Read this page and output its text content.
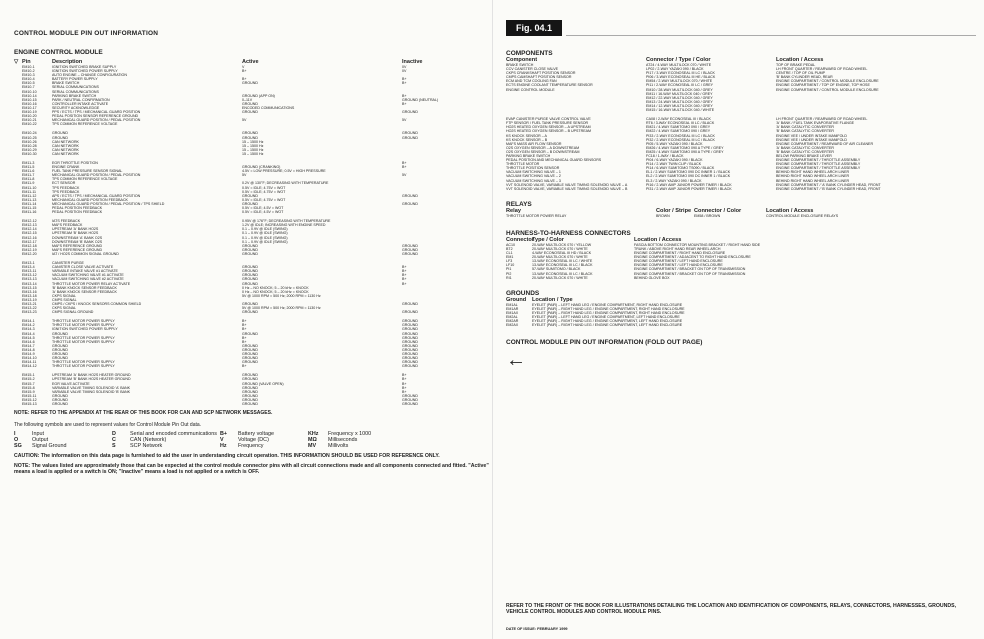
CONTROL MODULE PIN OUT INFORMATION
ENGINE CONTROL MODULE
▽ Pin	Description	Active	Inactive
EM10-1	IGNITION SWITCHED BRAKE SUPPLY	V	0V
EM10-2	IGNITION SWITCHED POWER SUPPLY	B+	0V
EM10-3	AUTO ENGINE – CHANGE CONFIGURATION
EM10-4	BATTERY POWER SUPPLY	B+	B+
EM10-5	BRAKE SWITCH	GROUND	B+
EM10-7	SERIAL COMMUNICATIONS
EM10-10	SERIAL COMMUNICATIONS
EM10-14	PARKING BRAKE SWITCH	GROUND (APP ON)	B+
EM10-15	PARK / NEUTRAL CONFIRMATION	0–11V	GROUND (NEUTRAL)
EM10-16	CONTROLLER INTAKE ACTIVATE	GROUND	B+
EM10-17	SECURITY ACKNOWLEDGE	ENCODED COMMUNICATIONS
EM10-19	PPS / ECTS / TPS / MECHANICAL GUARD POSITION	GROUND	GROUND
EM10-20	PEDAL POSITION SENSOR REFERENCE GROUND
EM10-21	MECHANICAL GUARD POSITION / PEDAL POSITION	5V	5V
EM10-22	TPS COMMON REFERENCE VOLTAGE
EM10-24	GROUND	GROUND	GROUND
EM10-25	GROUND	GROUND	GROUND
EM10-26	CAN NETWORK	15 – 1500 Hz
EM10-28	CAN NETWORK	15 – 1500 Hz
EM10-29	CAN NETWORK	15 – 1500 Hz
EM10-30	CAN NETWORK	15 – 1500 Hz
EM11-3	EGR THROTTLE POSITION	B+
EM11-5	ENGINE CRANK	GROUND (CRANKING)	B+
EM11-6	FUEL TANK PRESSURE SENSOR SIGNAL	4.5V = LOW PRESSURE; 0.5V = HIGH PRESSURE
EM11-7	MECHANICAL GUARD POSITION / PEDAL POSITION	5V	5V
EM11-8	TPS COMMON REFERENCE VOLTAGE
EM11-9	ECT SENSOR	0.2V @ 130°F; DECREASING WITH TEMPERATURE
EM11-10	TPS FEEDBACK	0.5V = IDLE; 4.75V = WOT
EM11-11	TPS FEEDBACK	0.5V = IDLE; 4.75V = WOT
EM11-12	APS / ECTS / TPS / MECHANICAL GUARD POSITION	GROUND	GROUND
EM11-13	MECHANICAL GUARD POSITION FEEDBACK	0.5V = IDLE; 4.75V = WOT
EM11-14	MECHANICAL GUARD POSITION / PEDAL POSITION / TPS SHIELD	GROUND	GROUND
EM11-15	PEDAL POSITION FEEDBACK	0.5V = IDLE; 4.5V = WOT
EM11-16	PEDAL POSITION FEEDBACK	0.5V = IDLE; 4.5V = WOT
EM12-12	IATS FEEDBACK	0.95V @ 176°F; DECREASING WITH TEMPERATURE
EM12-13	MAFS FEEDBACK	1.2V @ IDLE; INCREASING WITH ENGINE SPEED
EM12-14	UPSTREAM 'A' BANK HO2S	0.1 – 0.9V @ IDLE (SWING)
EM12-15	UPSTREAM 'B' BANK HO2S	0.1 – 0.9V @ IDLE (SWING)
EM12-16	DOWNSTREAM 'A' BANK O2S	0.1 – 0.9V @ IDLE (SWING)
EM12-17	DOWNSTREAM 'B' BANK O2S	0.1 – 0.9V @ IDLE (SWING)
EM12-18	MAFS REFERENCE GROUND	GROUND	GROUND
EM12-19	MAFS REFERENCE GROUND	GROUND	GROUND
EM12-20	IAT / HO2S COMMON SIGNAL GROUND	GROUND	GROUND
EM13-1	CANISTER PURGE
EM13-4	CANISTER CLOSE VALVE ACTIVATE	GROUND	B+
EM13-11	VARIABLE INTAKE VALVE #1 ACTIVATE	GROUND	B+
EM13-12	VACUUM SWITCHING VALVE #1 ACTIVATE	GROUND	B+
EM13-13	VACUUM SWITCHING VALVE #2 ACTIVATE	GROUND	B+
EM13-14	THROTTLE MOTOR POWER RELAY ACTIVATE	GROUND	B+
EM13-15	'B' BANK KNOCK SENSOR FEEDBACK	0 Hz – NO KNOCK; 5 – 20 kHz = KNOCK
EM13-16	'A' BANK KNOCK SENSOR FEEDBACK	0 Hz – NO KNOCK; 5 – 20 kHz = KNOCK
EM13-18	CKPS SIGNAL	5V @ 1000 RPM = 500 Hz; 2000 RPM = 1130 Hz
EM13-19	CMPS SIGNAL
EM13-21	CMPS / CKPS / KNOCK SENSORS COMMON SHIELD	GROUND	GROUND
EM13-22	CKPS SIGNAL	5V @ 1000 RPM = 500 Hz; 2000 RPM = 1130 Hz
EM13-23	CMPS SIGNAL GROUND	GROUND	GROUND
EM14-1	THROTTLE MOTOR POWER SUPPLY	B+	GROUND
EM14-2	THROTTLE MOTOR POWER SUPPLY	B+	GROUND
EM14-3	IGNITION SWITCHED POWER SUPPLY	B+	GROUND
EM14-4	GROUND	GROUND	GROUND
EM14-5	THROTTLE MOTOR POWER SUPPLY	B+	GROUND
EM14-6	THROTTLE MOTOR POWER SUPPLY	B+	GROUND
EM14-7	GROUND	GROUND	GROUND
EM14-8	GROUND	GROUND	GROUND
EM14-9	GROUND	GROUND	GROUND
EM14-10	GROUND	GROUND	GROUND
EM14-11	THROTTLE MOTOR POWER SUPPLY	GROUND	GROUND
EM14-12	THROTTLE MOTOR POWER SUPPLY	B+	GROUND
EM15-1	UPSTREAM 'A' BANK HO2S HEATER GROUND	GROUND	B+
EM15-2	UPSTREAM 'B' BANK HO2S HEATER GROUND	GROUND	B+
EM15-7	EGR VALVE ACTIVATE	GROUND (VALVE OPEN)	B+
EM15-8	VARIABLE VALVE TIMING SOLENOID 'A' BANK	GROUND	B+
EM15-9	VARIABLE VALVE TIMING SOLENOID 'B' BANK	GROUND	B+
EM15-11	GROUND	GROUND	GROUND
EM15-12	GROUND	GROUND	GROUND
EM15-13	GROUND	GROUND	GROUND
NOTE: REFER TO THE APPENDIX AT THE REAR OF THIS BOOK FOR CAN AND SCP NETWORK MESSAGES.
The following symbols are used to represent values for Control Module Pin Out data.
I	Input	D	Serial and encoded communications B+	Battery voltage	KHz	Frequency x 1000
O	Output	C	CAN (Network)	V	Voltage (DC)	MΩ	Milliseconds
SG	Signal Ground	S	SCP Network	Hz	Frequency	MV	Millivolts
CAUTION: The information on this data page is furnished to aid the user in understanding circuit operation. THIS INFORMATION SHOULD BE USED FOR REFERENCE ONLY.
NOTE: The values listed are approximately those that can be expected at the control module connector pins with all circuit connections made and all components connected and fitted. "Active" means a load is applied or a switch is ON; "Inactive" means a load is not applied or a switch is OFF.
Fig. 04.1
COMPONENTS
Component	Connector / Type / Color	Location / Access
BRAKE SWITCH	AT24 / 4-WAY MULTILOCK 070 / WHITE	TOP OF BRAKE PEDAL
CCV CANISTER CLOSE VALVE	LP02 / 2-WAY YAZAKI 090 / BLACK	LH FRONT QUARTER / REARWARD OF ROAD WHEEL
CKPS CRANKSHAFT POSITION SENSOR	PI17 / 3-WAY ECONOSEAL III LC / BLACK	CENTRE / TOP OF OIL PUMP
CMPS CAMSHAFT POSITION SENSOR	PI06 / 3-WAY ECONOSEAL III HE / BLACK	'B' BANK CYLINDER HEAD, REAR
ECM AND TCM COOLING FAN	EM54 / 2-WAY MULTILOCK 070 / WHITE	ENGINE COMPARTMENT / CONTROL MODULE ENCLOSURE
ECTS ENGINE COOLANT TEMPERATURE SENSOR	PI11 / 2-WAY ECONOSEAL III LC / GREY	ENGINE COMPARTMENT / TOP OF ENGINE, TOP HOSE
ENGINE CONTROL MODULE	EM10 / 28-WAY MULTILOCK 040 / GREY	ENGINE COMPARTMENT / CONTROL MODULE ENCLOSURE
EM11 / 16-WAY MULTILOCK 040 / GREY
EM12 / 22-WAY MULTILOCK 040 / GREY
EM13 / 24-WAY MULTILOCK 040 / GREY
EM14 / 12-WAY MULTILOCK 040 / GREY
EM15 / 16-WAY MULTILOCK 040 / WHITE
EVAP CANISTER PURGE VALVE CONTROL VALVE	CA08 / 2-WAY ECONOSEAL III / BLACK	LH FRONT QUARTER / REARWARD OF ROAD WHEEL
FTP SENSOR / FUEL TANK PRESSURE SENSOR	RT6 / 3-WAY ECONOSEAL III LC / BLACK	'A' BANK / FUEL TANK EVAPORATIVE FLANGE
HO2S HEATED OXYGEN SENSOR – A UPSTREAM	EM21 / 4-WAY SUMITOMO 090 / GREY	'A' BANK CATALYTIC CONVERTER
HO2S HEATED OXYGEN SENSOR – B UPSTREAM	EM22 / 4-WAY SUMITOMO 090 / GREY	'B' BANK CATALYTIC CONVERTER
KS KNOCK SENSOR – A	PI33 / 2-WAY ECONOSEAL III LC / BLACK	ENGINE VEE / UNDER INTAKE MANIFOLD
KS KNOCK SENSOR – B	PI32 / 2-WAY ECONOSEAL III LC / BLACK	ENGINE VEE / UNDER INTAKE MANIFOLD
MAFS MASS AIR FLOW SENSOR	PI05 / 5-WAY YAZAKI 090 / BLACK	ENGINE COMPARTMENT / REARWARD OF AIR CLEANER
O2S OXYGEN SENSOR – A DOWNSTREAM	EM26 / 4-WAY SUMITOMO 090 A TYPE / GREY	'A' BANK CATALYTIC CONVERTER
O2S OXYGEN SENSOR – B DOWNSTREAM	EM25 / 4-WAY SUMITOMO 090 A TYPE / GREY	'B' BANK CATALYTIC CONVERTER
PARKING BRAKE SWITCH	FC18 / 1-WAY / BLACK	BELOW PARKING BRAKE LEVER
PEDAL POSITION AND MECHANICAL GUARD SENSORS	PI04 / 6-WAY YAZAKI 090 / BLACK	ENGINE COMPARTMENT / THROTTLE ASSEMBLY
THROTTLE MOTOR	PI14 / 2-WAY TWIN CLIP / BLACK	ENGINE COMPARTMENT / THROTTLE ASSEMBLY
THROTTLE POSITION SENSOR	PI14 / 6-WAY SUMITOMO TS090 / BLACK	ENGINE COMPARTMENT / THROTTLE ASSEMBLY
VACUUM SWITCHING VALVE – 1	EL1 / 2-WAY SUMITOMO 090 DC INNER 1 / BLACK	BEHIND RIGHT HAND WHEEL ARCH LINER
VACUUM SWITCHING VALVE – 2	EL2 / 2-WAY SUMITOMO 090 DC INNER 1 / BLACK	BEHIND RIGHT HAND WHEEL ARCH LINER
VACUUM SWITCHING VALVE – 3	EL3 / 2-WAY YAZAKI 090 / BLACK	BEHIND RIGHT HAND WHEEL ARCH LINER
VVT SOLENOID VALVE, VARIABLE VALVE TIMING SOLENOID VALVE – A	PI16 / 2-WAY AMP JUNIOR POWER TIMER / BLACK	ENGINE COMPARTMENT / 'A' BANK CYLINDER HEAD, FRONT
VVT SOLENOID VALVE, VARIABLE VALVE TIMING SOLENOID VALVE – B	PI31 / 2-WAY AMP JUNIOR POWER TIMER / BLACK	ENGINE COMPARTMENT / 'B' BANK CYLINDER HEAD, FRONT
RELAYS
Relay	Color / Stripe Connector / Color	Location / Access
THROTTLE MOTOR POWER RELAY	BROWN	EM58 / BROWN	CONTROL MODULE ENCLOSURE RELAYS
HARNESS-TO-HARNESS CONNECTORS
Connector
Type / Color	Location / Access
AC10	20-WAY MULTILOCK 070 / YELLOW	FASCIA BOTTOM CONNECTOR MOUNTING BRACKET / RIGHT HAND SIDE
BT2	20-WAY MULTILOCK 070 / WHITE	TRUNK / ABOVE RIGHT HAND REAR WHEEL ARCH
CL1	4-WAY ECONOSEAL III HD / BLACK	ENGINE COMPARTMENT / RIGHT HAND ENCLOSURE
EM1	20-WAY MULTILOCK 070 / WHITE	ENGINE COMPARTMENT / ADJACENT TO RIGHT HAND ENCLOSURE
LF3	13-WAY ECONOSEAL III LC / WHITE	ENGINE COMPARTMENT / LEFT HAND ENCLOSURE
LF10	13-WAY ECONOSEAL III LC / BLACK	ENGINE COMPARTMENT / LEFT HAND ENCLOSURE
PI1	57-WAY SUMITOMO / BLACK	ENGINE COMPARTMENT / BRACKET ON TOP OF TRANSMISSION
PI2	13-WAY ECONOSEAL III LC / BLACK	ENGINE COMPARTMENT / BRACKET ON TOP OF TRANSMISSION
RI1	20-WAY MULTILOCK 070 / WHITE	BEHIND GLOVE BOX
GROUNDS
Ground	Location / Type
EM1AL	EYELET (PAIR) – LEFT HAND LEG / ENGINE COMPARTMENT, RIGHT HAND ENCLOSURE
EM1AR	EYELET (PAIR) – RIGHT HAND LEG / ENGINE COMPARTMENT, RIGHT HAND ENCLOSURE
EM1AX	EYELET (PAIR) – RIGHT HAND LEG / ENGINE COMPARTMENT, RIGHT HAND ENCLOSURE
EM2AL	EYELET (PAIR) – LEFT HAND LEG / ENGINE COMPARTMENT, LEFT HAND ENCLOSURE
EM2AR	EYELET (PAIR) – RIGHT HAND LEG / ENGINE COMPARTMENT, LEFT HAND ENCLOSURE
EM2AX	EYELET (PAIR) – RIGHT HAND LEG / ENGINE COMPARTMENT, LEFT HAND ENCLOSURE
CONTROL MODULE PIN OUT INFORMATION (FOLD OUT PAGE)
←
REFER TO THE FRONT OF THE BOOK FOR ILLUSTRATIONS DETAILING THE LOCATION AND IDENTIFICATION OF COMPONENTS, RELAYS, CONNECTORS, HARNESSES, GROUNDS, VEHICLE CONTROL MODULES AND CONTROL MODULE PINS.
DATE OF ISSUE: FEBRUARY 1999
